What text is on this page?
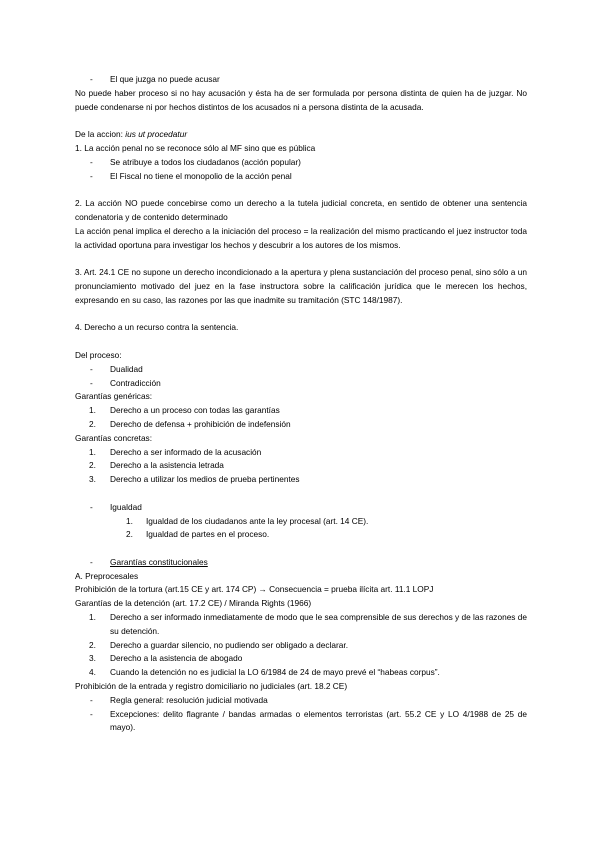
-	El que juzga no puede acusar

No puede haber proceso si no hay acusación y ésta ha de ser formulada por persona distinta de quien ha de juzgar. No puede condenarse ni por hechos distintos de los acusados ni a persona distinta de la acusada.

De la accion: ius ut procedatur

1. La acción penal no se reconoce sólo al MF sino que es pública

-	Se atribuye a todos los ciudadanos (acción popular)
-	El Fiscal no tiene el monopolio de la acción penal

2. La acción NO puede concebirse como un derecho a la tutela judicial concreta, en sentido de obtener una sentencia condenatoria y de contenido determinado

La acción penal implica el derecho a la iniciación del proceso = la realización del mismo practicando el juez instructor toda la actividad oportuna para investigar los hechos y descubrir a los autores de los mismos.

3. Art. 24.1 CE no supone un derecho incondicionado a la apertura y plena sustanciación del proceso penal, sino sólo a un pronunciamiento motivado del juez en la fase instructora sobre la calificación jurídica que le merecen los hechos, expresando en su caso, las razones por las que inadmite su tramitación (STC 148/1987).

4. Derecho a un recurso contra la sentencia.

Del proceso:

-	Dualidad
-	Contradicción

Garantías genéricas:

1.	Derecho a un proceso con todas las garantías
2.	Derecho de defensa + prohibición de indefensión

Garantías concretas:

1.	Derecho a ser informado de la acusación
2.	Derecho a la asistencia letrada
3.	Derecho a utilizar los medios de prueba pertinentes
-	Igualdad
1.	Igualdad de los ciudadanos ante la ley procesal (art. 14 CE).
2.	Igualdad de partes en el proceso.
-	Garantías constitucionales

A. Preprocesales

Prohibición de la tortura (art.15 CE y art. 174 CP) → Consecuencia = prueba ilícita art. 11.1 LOPJ

Garantías de la detención (art. 17.2 CE) / Miranda Rights (1966)

1.	Derecho a ser informado inmediatamente de modo que le sea comprensible de sus derechos y de las razones de su detención.
2.	Derecho a guardar silencio, no pudiendo ser obligado a declarar.
3.	Derecho a la asistencia de abogado
4.	Cuando la detención no es judicial la LO 6/1984 de 24 de mayo prevé el “habeas corpus”.

Prohibición de la entrada y registro domiciliario no judiciales (art. 18.2 CE)

-	Regla general: resolución judicial motivada
-	Excepciones: delito flagrante / bandas armadas o elementos terroristas (art. 55.2 CE y LO 4/1988 de 25 de mayo).
